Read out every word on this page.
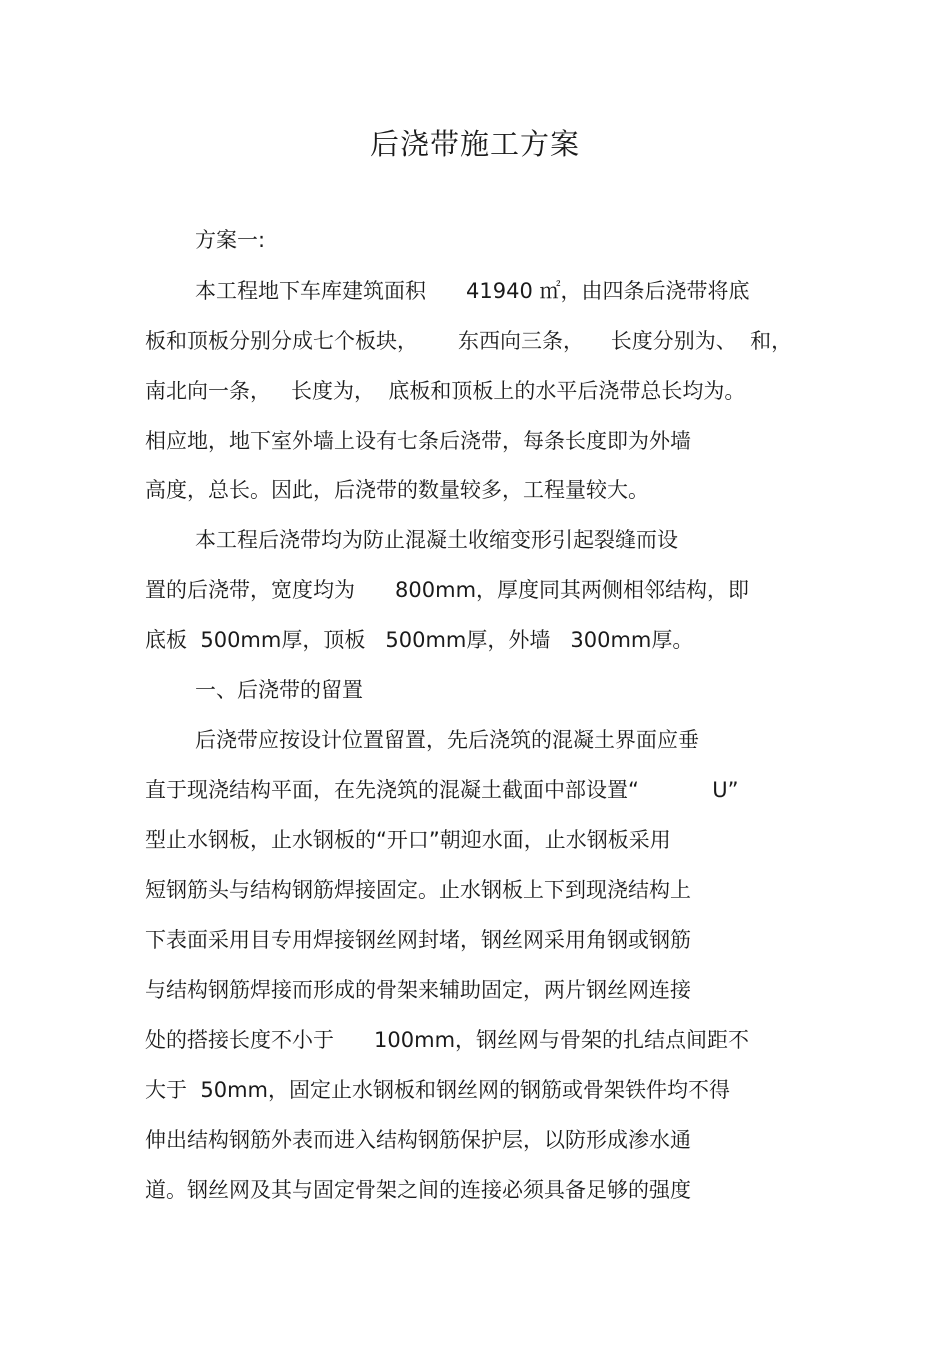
后浇带施工方案
方案一:
本工程地下车库建筑面积      41940 ㎡，由四条后浇带将底
板和顶板分别分成七个板块，      东西向三条，    长度分别为、  和，
南北向一条，   长度为，  底板和顶板上的水平后浇带总长均为。
相应地，地下室外墙上设有七条后浇带，每条长度即为外墙
高度，总长。因此，后浇带的数量较多，工程量较大。
本工程后浇带均为防止混凝土收缩变形引起裂缝而设
置的后浇带，宽度均为      800mm，厚度同其两侧相邻结构，即
底板  500mm厚，顶板   500mm厚，外墙   300mm厚。
一、后浇带的留置
后浇带应按设计位置留置，先后浇筑的混凝土界面应垂
直于现浇结构平面，在先浇筑的混凝土截面中部设置“           U”
型止水钢板，止水钢板的“开口”朝迎水面，止水钢板采用
短钢筋头与结构钢筋焊接固定。止水钢板上下到现浇结构上
下表面采用目专用焊接钢丝网封堵，钢丝网采用角钢或钢筋
与结构钢筋焊接而形成的骨架来辅助固定，两片钢丝网连接
处的搭接长度不小于      100mm，钢丝网与骨架的扎结点间距不
大于  50mm，固定止水钢板和钢丝网的钢筋或骨架铁件均不得
伸出结构钢筋外表而进入结构钢筋保护层，以防形成渗水通
道。钢丝网及其与固定骨架之间的连接必须具备足够的强度
